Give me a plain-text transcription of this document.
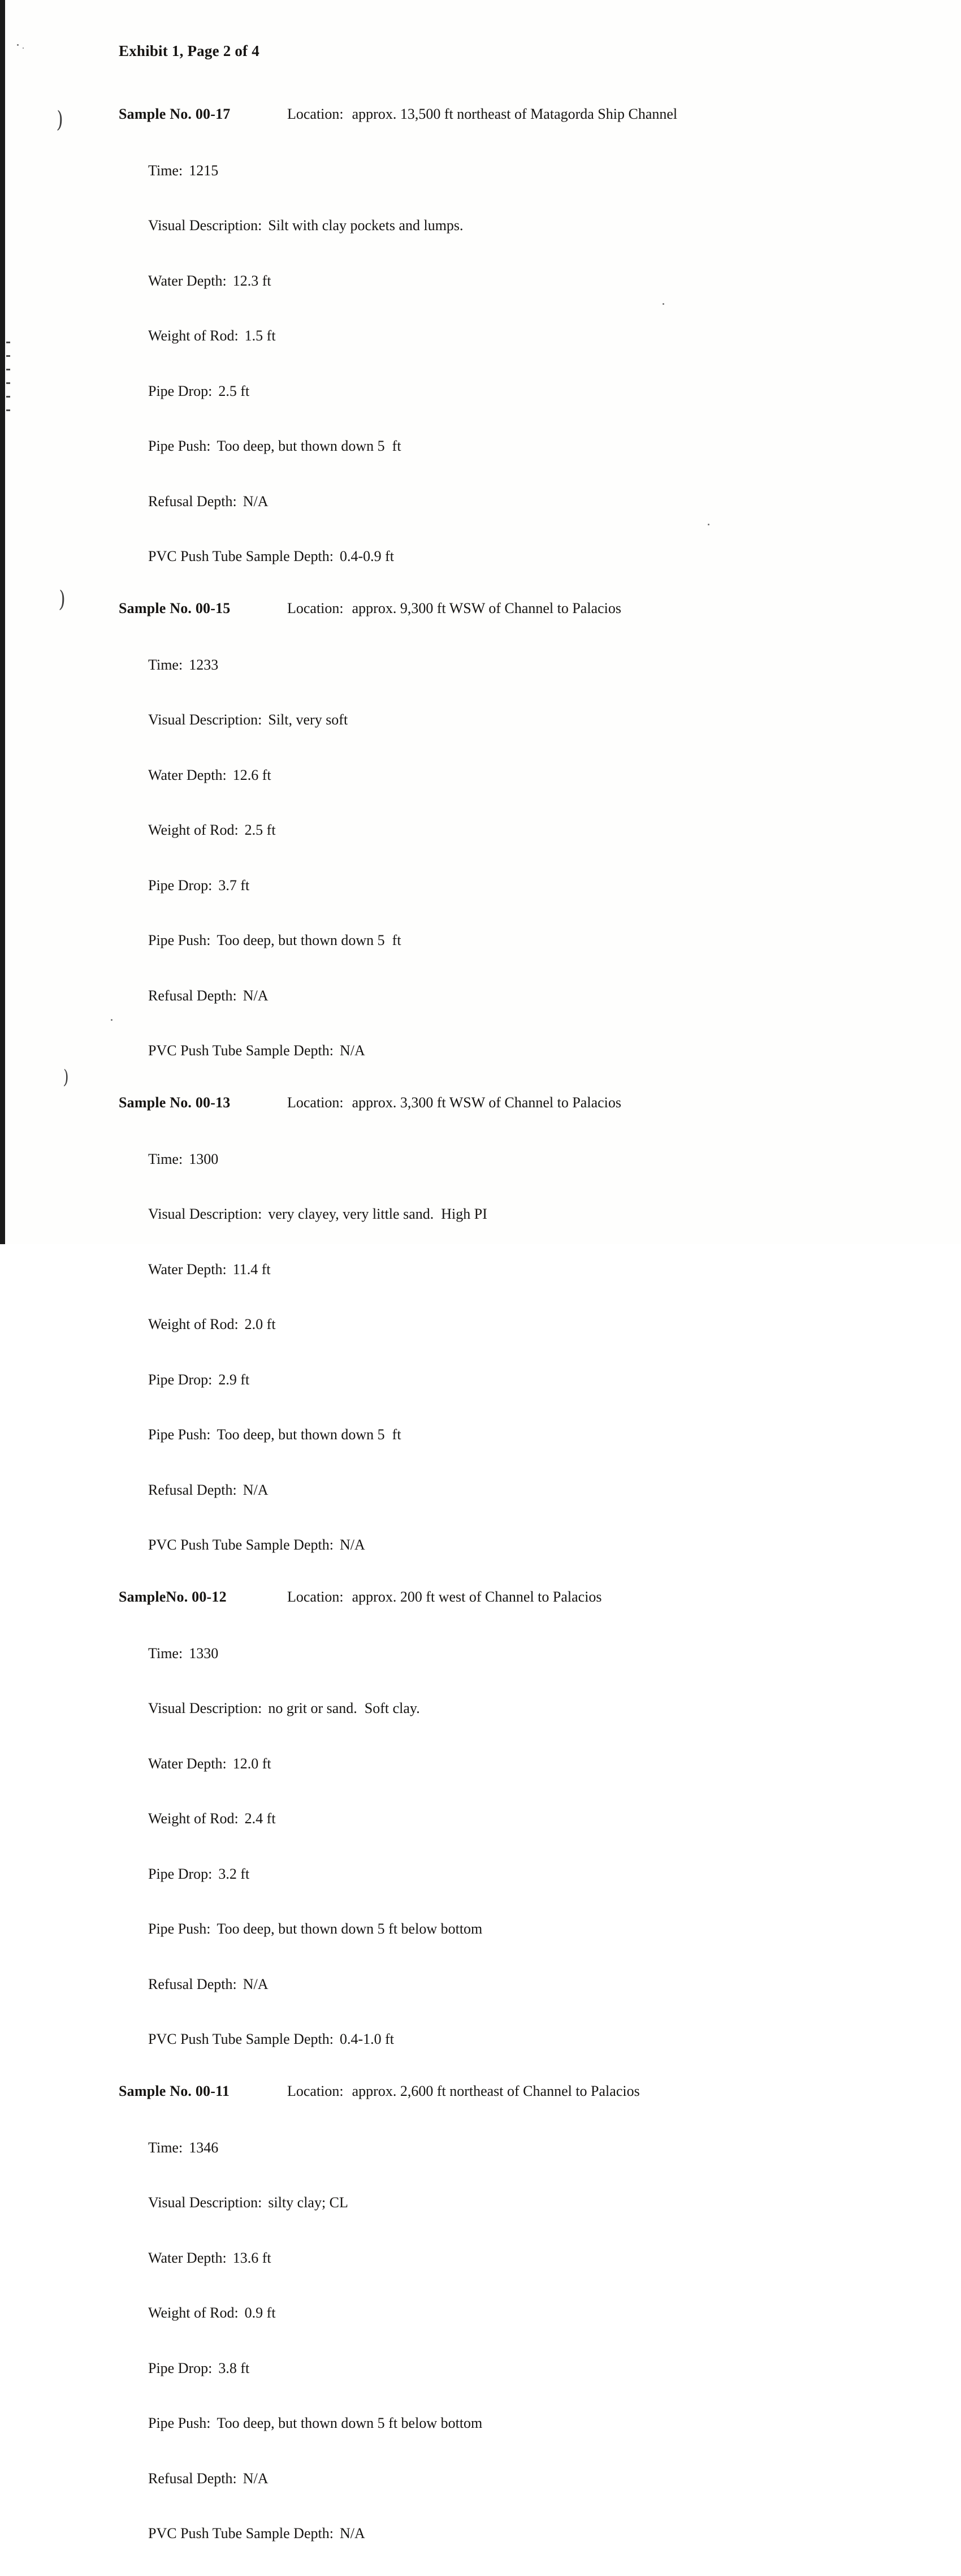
)
)
)
Exhibit 1, Page 2 of 4
Sample No. 00-17	Location: approx. 13,500 ft northeast of Matagorda Ship Channel

Time: 1215

Visual Description: Silt with clay pockets and lumps.

Water Depth: 12.3 ft

Weight of Rod: 1.5 ft

Pipe Drop: 2.5 ft

Pipe Push: Too deep, but thown down 5  ft

Refusal Depth: N/A

PVC Push Tube Sample Depth: 0.4-0.9 ft

Sample No. 00-15	Location: approx. 9,300 ft WSW of Channel to Palacios

Time: 1233

Visual Description: Silt, very soft

Water Depth: 12.6 ft

Weight of Rod: 2.5 ft

Pipe Drop: 3.7 ft

Pipe Push: Too deep, but thown down 5  ft

Refusal Depth: N/A

PVC Push Tube Sample Depth: N/A

Sample No. 00-13	Location: approx. 3,300 ft WSW of Channel to Palacios

Time: 1300

Visual Description: very clayey, very little sand.  High PI

Water Depth: 11.4 ft

Weight of Rod: 2.0 ft

Pipe Drop: 2.9 ft

Pipe Push: Too deep, but thown down 5  ft

Refusal Depth: N/A

PVC Push Tube Sample Depth: N/A

SampleNo. 00-12	Location: approx. 200 ft west of Channel to Palacios

Time: 1330

Visual Description: no grit or sand.  Soft clay.

Water Depth: 12.0 ft

Weight of Rod: 2.4 ft

Pipe Drop: 3.2 ft

Pipe Push: Too deep, but thown down 5 ft below bottom

Refusal Depth: N/A

PVC Push Tube Sample Depth: 0.4-1.0 ft

Sample No. 00-11	Location: approx. 2,600 ft northeast of Channel to Palacios

Time: 1346

Visual Description: silty clay; CL

Water Depth: 13.6 ft

Weight of Rod: 0.9 ft

Pipe Drop: 3.8 ft

Pipe Push: Too deep, but thown down 5 ft below bottom

Refusal Depth: N/A

PVC Push Tube Sample Depth: N/A
